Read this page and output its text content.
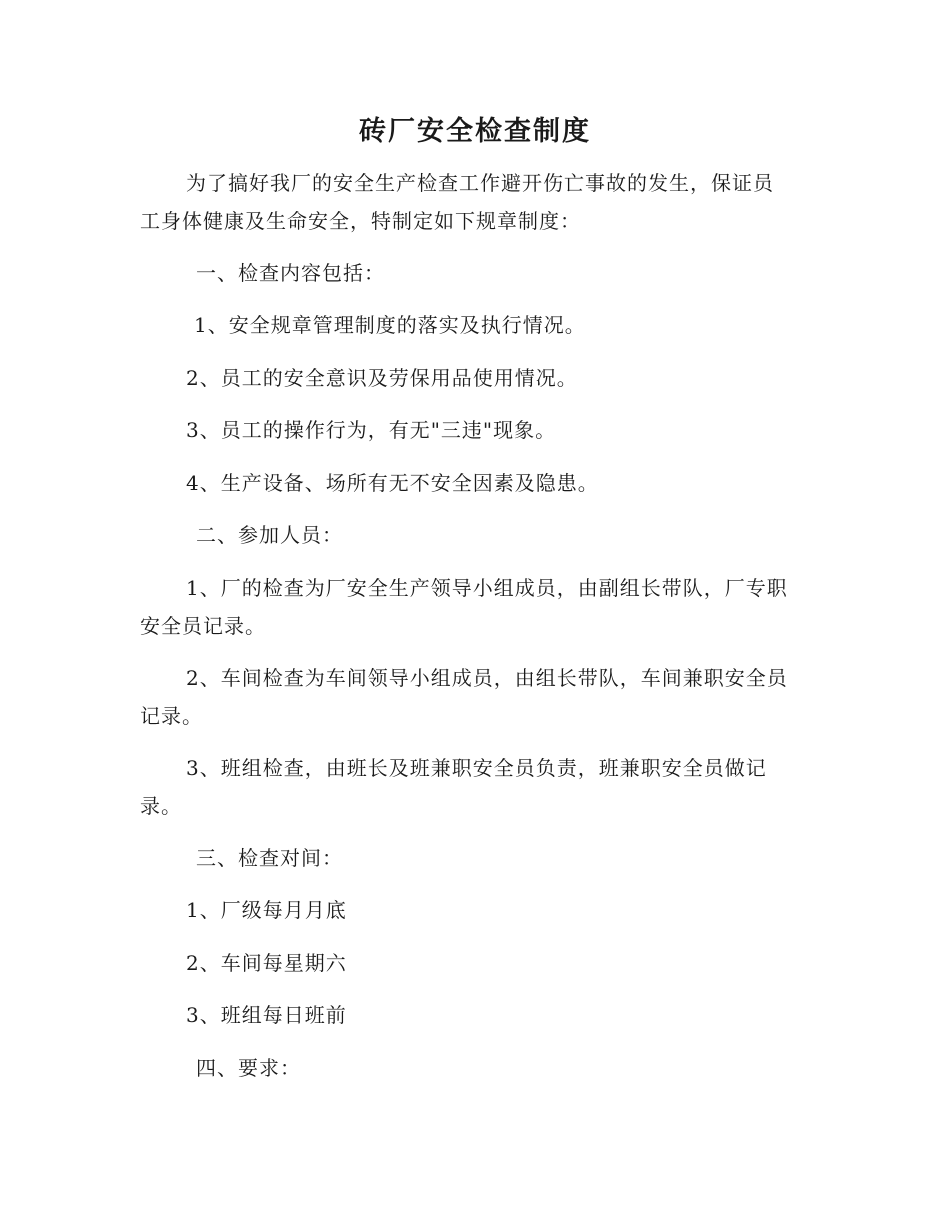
砖厂安全检查制度

为了搞好我厂的安全生产检查工作避开伤亡事故的发生，保证员

工身体健康及生命安全，特制定如下规章制度：

一、检查内容包括：

1、安全规章管理制度的落实及执行情况。

2、员工的安全意识及劳保用品使用情况。

3、员工的操作行为，有无"三违"现象。

4、生产设备、场所有无不安全因素及隐患。

二、参加人员：

1、厂的检查为厂安全生产领导小组成员，由副组长带队，厂专职

安全员记录。

2、车间检查为车间领导小组成员，由组长带队，车间兼职安全员

记录。

3、班组检查，由班长及班兼职安全员负责，班兼职安全员做记

录。

三、检查对间：

1、厂级每月月底

2、车间每星期六

3、班组每日班前

四、要求：
